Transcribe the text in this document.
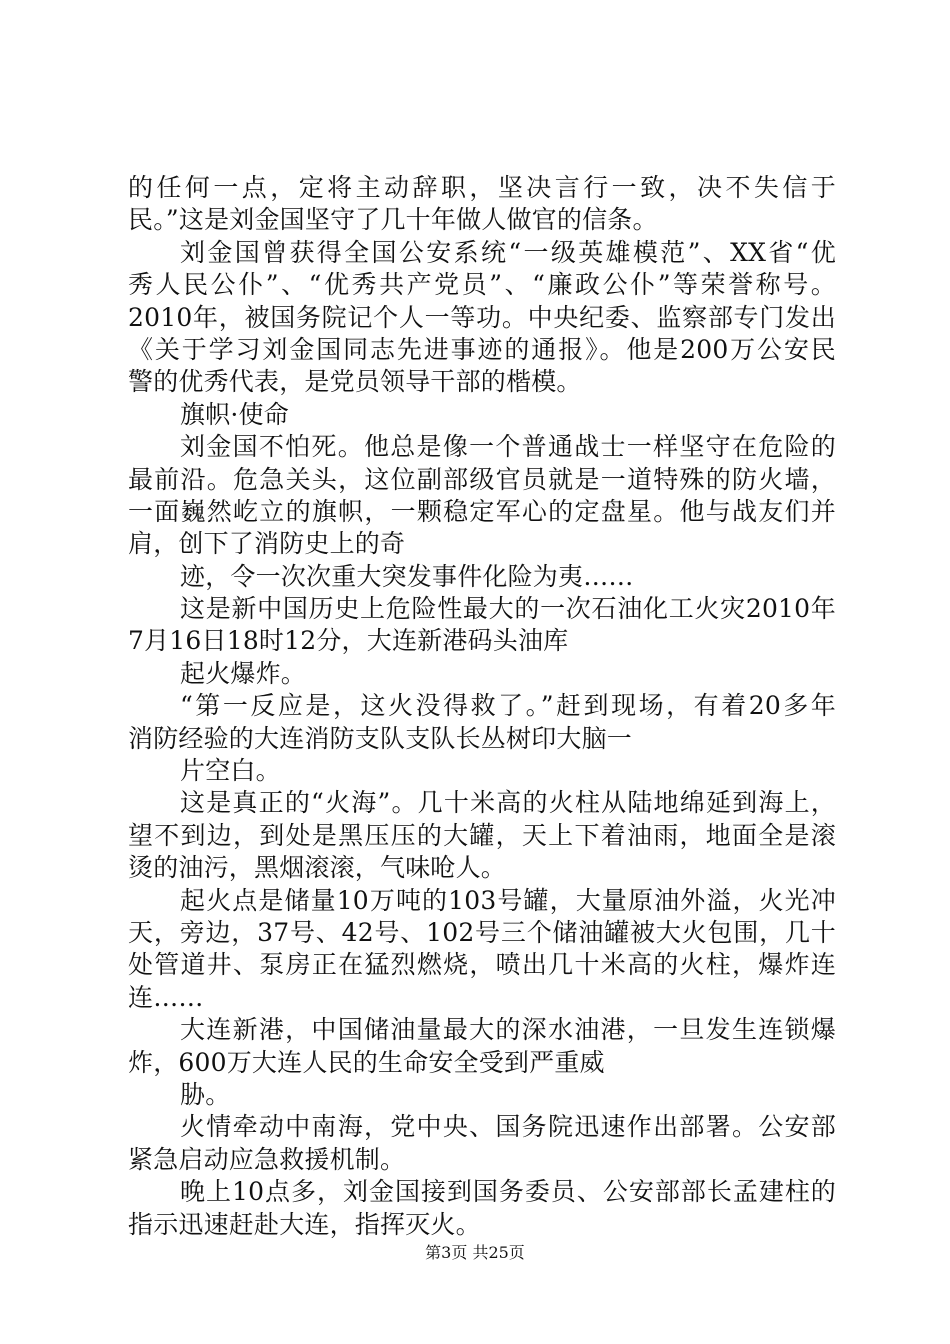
的任何一点，定将主动辞职，坚决言行一致，决不失信于
民。”这是刘金国坚守了几十年做人做官的信条。
刘金国曾获得全国公安系统“一级英雄模范”、XX省“优
秀人民公仆”、“优秀共产党员”、“廉政公仆”等荣誉称号。
2010年，被国务院记个人一等功。中央纪委、监察部专门发出
《关于学习刘金国同志先进事迹的通报》。他是200万公安民
警的优秀代表，是党员领导干部的楷模。
旗帜·使命
刘金国不怕死。他总是像一个普通战士一样坚守在危险的
最前沿。危急关头，这位副部级官员就是一道特殊的防火墙，
一面巍然屹立的旗帜，一颗稳定军心的定盘星。他与战友们并
肩，创下了消防史上的奇
迹，令一次次重大突发事件化险为夷……
这是新中国历史上危险性最大的一次石油化工火灾2010年
7月16日18时12分，大连新港码头油库
起火爆炸。
“第一反应是，这火没得救了。”赶到现场，有着20多年
消防经验的大连消防支队支队长丛树印大脑一
片空白。
这是真正的“火海”。几十米高的火柱从陆地绵延到海上，
望不到边，到处是黑压压的大罐，天上下着油雨，地面全是滚
烫的油污，黑烟滚滚，气味呛人。
起火点是储量10万吨的103号罐，大量原油外溢，火光冲
天，旁边，37号、42号、102号三个储油罐被大火包围，几十
处管道井、泵房正在猛烈燃烧，喷出几十米高的火柱，爆炸连
连……
大连新港，中国储油量最大的深水油港，一旦发生连锁爆
炸，600万大连人民的生命安全受到严重威
胁。
火情牵动中南海，党中央、国务院迅速作出部署。公安部
紧急启动应急救援机制。
晚上10点多，刘金国接到国务委员、公安部部长孟建柱的
指示迅速赶赴大连，指挥灭火。
第3页 共25页
